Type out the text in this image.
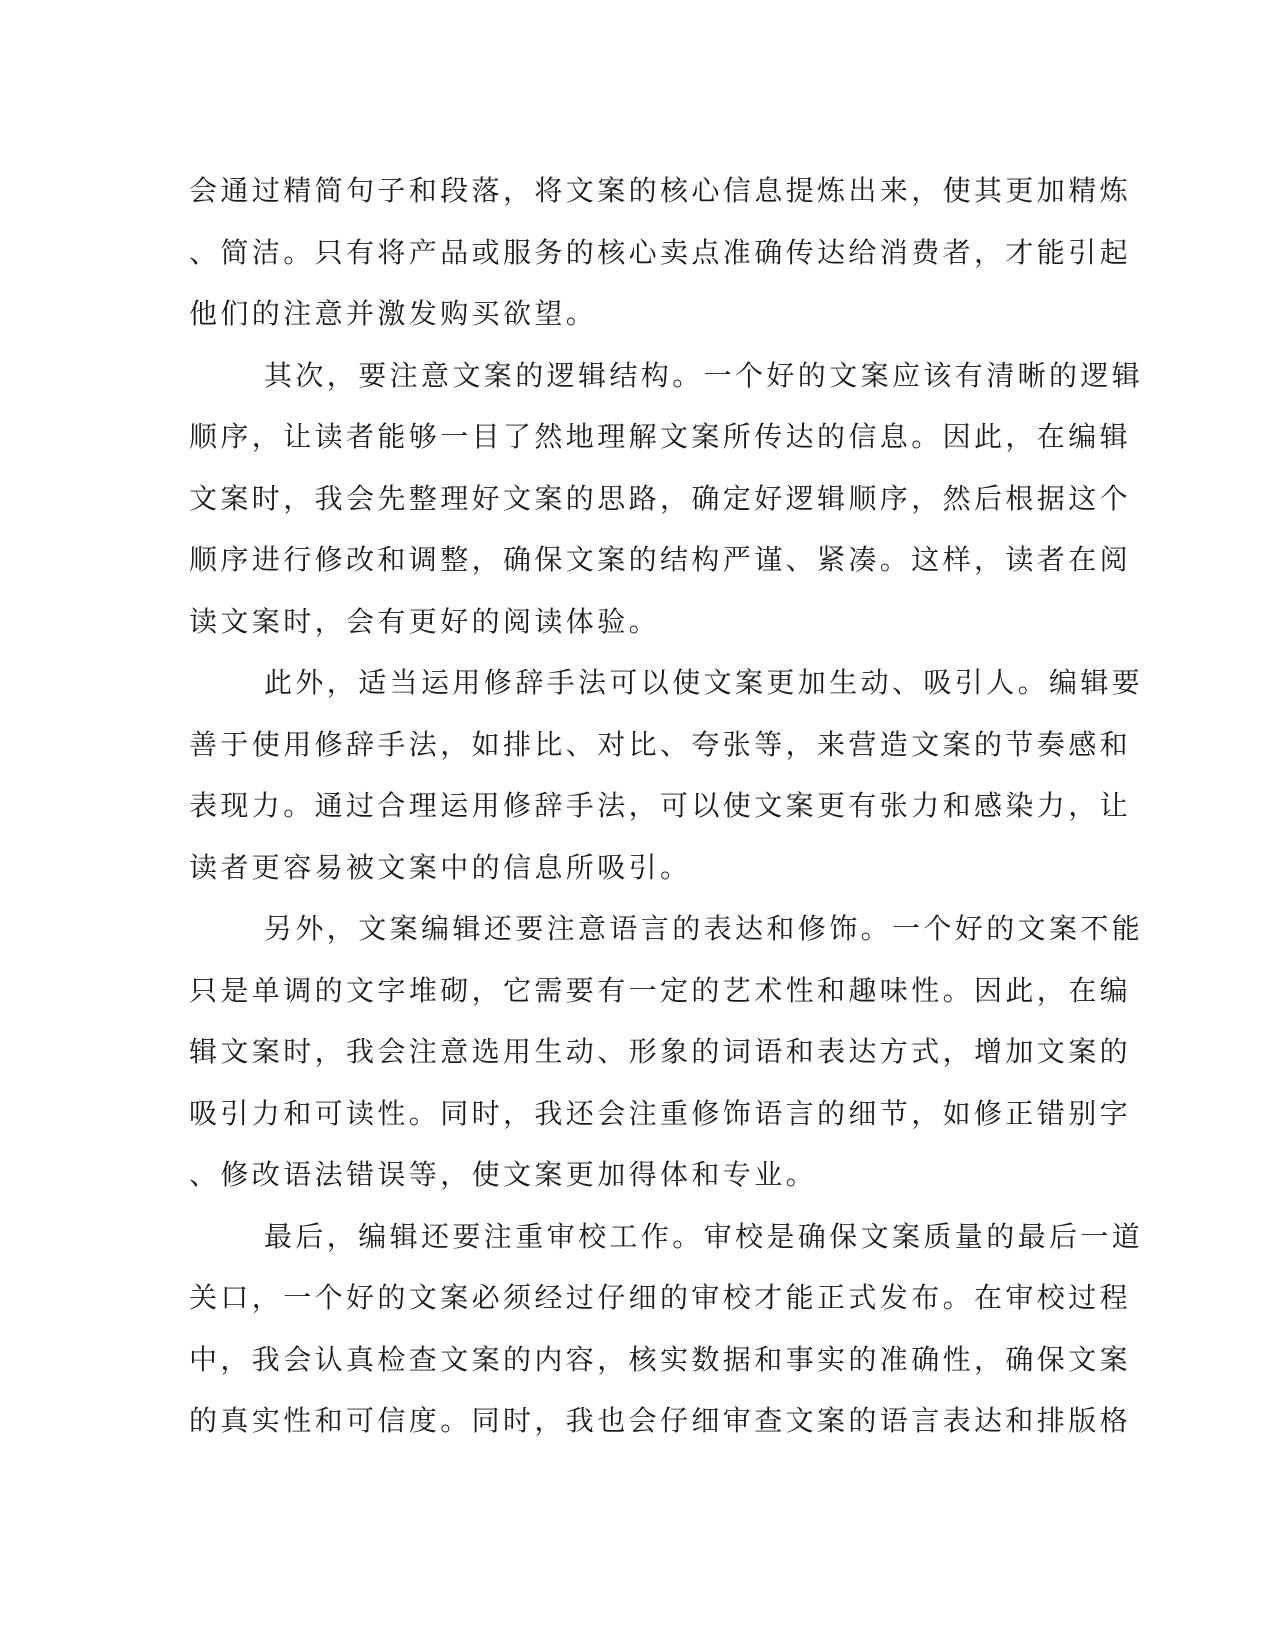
会通过精简句子和段落，将文案的核心信息提炼出来，使其更加精炼
、简洁。只有将产品或服务的核心卖点准确传达给消费者，才能引起
他们的注意并激发购买欲望。
其次，要注意文案的逻辑结构。一个好的文案应该有清晰的逻辑
顺序，让读者能够一目了然地理解文案所传达的信息。因此，在编辑
文案时，我会先整理好文案的思路，确定好逻辑顺序，然后根据这个
顺序进行修改和调整，确保文案的结构严谨、紧凑。这样，读者在阅
读文案时，会有更好的阅读体验。
此外，适当运用修辞手法可以使文案更加生动、吸引人。编辑要
善于使用修辞手法，如排比、对比、夸张等，来营造文案的节奏感和
表现力。通过合理运用修辞手法，可以使文案更有张力和感染力，让
读者更容易被文案中的信息所吸引。
另外，文案编辑还要注意语言的表达和修饰。一个好的文案不能
只是单调的文字堆砌，它需要有一定的艺术性和趣味性。因此，在编
辑文案时，我会注意选用生动、形象的词语和表达方式，增加文案的
吸引力和可读性。同时，我还会注重修饰语言的细节，如修正错别字
、修改语法错误等，使文案更加得体和专业。
最后，编辑还要注重审校工作。审校是确保文案质量的最后一道
关口，一个好的文案必须经过仔细的审校才能正式发布。在审校过程
中，我会认真检查文案的内容，核实数据和事实的准确性，确保文案
的真实性和可信度。同时，我也会仔细审查文案的语言表达和排版格
